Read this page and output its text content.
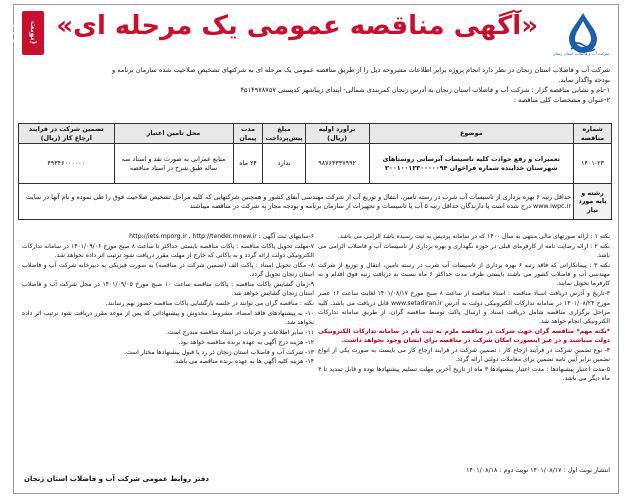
(نوبت اول)	«آگهی مناقصه عمومی یک مرحله ای»
شرکت آب و فاضلاب استان زنجان
شرکت آب و فاضلاب استان زنجان در نظر دارد انجام پروژه برابر اطلاعات مشروحه ذیل را از طریق مناقصه عمومی یک مرحله ای به شرکتهای تشخیص صلاحیت شده سازمان برنامه و
بودجه واگذار نماید.
۱-نام و نشانی مناقصه گزار : شرکت آب و فاضلاب استان زنجان به آدرس زنجان کمربندی شمالی- ابتدای زیباشهر کدپستی ۴۵۱۴۹۷۸۷۵۷
۲-عنوان و مشخصات کلی مناقصه :
شماره مناقصه	موضوع	برآورد اولیه (ریال)	مبلغ پیش‌پرداخت	مدت پیمان	محل تامین اعتبار	تضمین شرکت در فرایند ارجاع کار (ریال)
۱۴۰۱-۲۳	تعمیرات و رفع حوادث کلیه تاسیسات آبرسانی روستاهای شهرستان خدابنده شماره فراخوان ۲۰۰۱۰۰۱۲۳۰۰۰۰۰۹۴	۹۸۷۶۴۳۳۷۹۹۲	ندارد	۲۴ ماه	منابع عمرانی به صورت نقد و اسناد سه ساله طبق شرح در اسناد مناقصه	۴۹۳۴۶۰۰۰۰۰۰
رشته و پایه مورد نیاز	حداقل رتبه ۶ بهره برداری از تاسیسات آب شرب در رسته تامین، انتقال و توزیع آب از شرکت مهندسی آبفای کشور و همچنین شرکتهایی که کلیه مراحل تشخیص صلاحیت فوق را طی نموده و نام آنها در سایت www.iwpc.ir درج شده است یا دارندگان حداقل رتبه ۵ آب یا تاسیسات و تجهیزات از سازمان برنامه و بودجه مجاز به شرکت در مناقصه میباشند					

نکته ۱ : ارائه صورتهای مالی منتهی به سال ۱۴۰۰ که در سامانه پردیس به ثبت رسیده باشد الزامی می باشد.

نکته ۲ : ارائه رضایت نامه از کارفرمای قبلی در حوزه نگهداری و بهره برداری از تاسیسات آب و فاضلاب الزامی می باشد.

نکته ۳ : پیمانکارانی که فاقد رتبه ۶ بهره برداری از تاسیسات آب شرب در رسته تامین، انتقال و توزیع از شرکت مهندسی آب و فاضلاب کشور می باشند بایستی ظرف مدت حداکثر ۶ ماه نسبت به دریافت رتبه فوق اقدام و به کارفرما تحویل نمایند.

۳-تاریخ و آدرس دریافت اسناد مناقصه : اسناد مناقصه از ساعت ۸ صبح مورخ ۱۴۰۱/۰۸/۱۷ لغایت ساعت ۱۶ عصر مورخ ۱۴۰۱/۰۸/۲۴ در سامانه تدارکات الکترونیکی دولت به آدرس www.setadiran.ir قابل دریافت می باشد. کلیه مراحل برگزاری مناقصه شامل دریافت اسناد و ارسال پاکت توسط مناقصه گران، از طریق سامانه تدارکات الکترونیکی انجام خواهد شد.

*نکته مهم* مناقصه گران جهت شرکت در مناقصه ملزم به ثبت نام در سامانه تدارکات الکترونیکی دولت میباشند و در غیر اینصورت امکان شرکت در مناقصه برای ایشان وجود نخواهد داشت.

۴- نوع تضمین شرکت در فرآیند ارجاع کار : تضمین شرکت در فرایند ارجاع کار می بایست به صورت یکی از انواع تضمین برابر آیین نامه تضمین برای معاملات دولتی ارائه گردد.

۵-مدت اعتبار پیشنهادها : مدت اعتبار پیشنهادها ۳ ماه از تاریخ آخرین مهلت تسلیم پیشنهادها بوده و قابل تمدید تا ۳ ماه دیگر می باشد.

۶-سایتهای ثبت آگهی : http://iets.mporg.ir ، http://tender.mnew.ir

۷-مهلت تحویل پاکات مناقصه : پاکات مناقصه بایستی حداکثر تا ساعت ۸ صبح مورخ ۱۴۰۱/۰۹/۰۶ در سامانه تدارکات الکترونیکی دولت ارائه گردد و به پاکاتی که خارج از مهلت مقرر دریافت شود ترتیب اثر داده نخواهد شد.

۸- مکان تحویل اسناد : پاکت الف (تضمین شرکت در مناقصه) به صورت فیزیکی به دبیرخانه شرکت آب و فاضلاب استان زنجان تحویل گردد.

۹-زمان گشایش پاکات مناقصه : پاکات مناقصه ساعت ۱۰ صبح مورخ ۱۴۰۱/۰۹/۰۵ در محل شرکت آب و فاضلاب استان زنجان گشایش خواهد شد.

نکته : مناقصه گران می توانند در جلسه بازگشایی پاکات مناقصه حضور بهم رسانند.

۱۰- به پیشنهادهای فاقد امضاء، مشروط، مخدوش و پیشنهاداتی که پس از موعد مقرر دریافت شود ترتیب اثر داده نخواهد شد.

۱۱- سایر اطلاعات و جزئیات در اسناد مناقصه مندرج است.

۱۲- هزینه درج آگهی به عهده برنده مناقصه خواهد بود.

۱۳- شرکت آب و فاضلاب استان زنجان در رد یا قبول پیشنهادها مختار است.

۱۴- هزینه کلیه آگهی ها به عهده برنده مناقصه می باشد.

انتشار نوبت اول : ۱۴۰۱/۰۸/۱۷ نوبت دوم : ۱۴۰۱/۰۸/۱۸
دفتر روابط عمومی شرکت آب و فاضلاب استان زنجان
